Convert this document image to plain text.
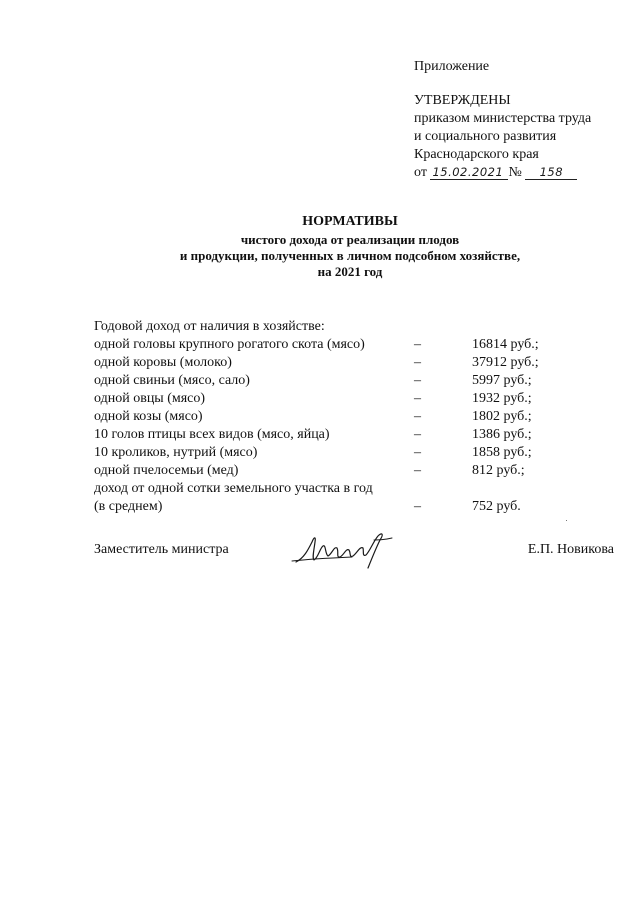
Приложение
УТВЕРЖДЕНЫ
приказом министерства труда
и социального развития
Краснодарского края
от 15.02.2021 № 158
НОРМАТИВЫ
чистого дохода от реализации плодов
и продукции, полученных в личном подсобном хозяйстве,
на 2021 год
Годовой доход от наличия в хозяйстве:
одной головы крупного рогатого скота (мясо)	–	16814 руб.;
одной коровы (молоко)	–	37912 руб.;
одной свиньи (мясо, сало)	–	5997 руб.;
одной овцы (мясо)	–	1932 руб.;
одной козы (мясо)	–	1802 руб.;
10 голов птицы всех видов (мясо, яйца)	–	1386 руб.;
10 кроликов, нутрий (мясо)	–	1858 руб.;
одной пчелосемьи (мед)	–	812 руб.;
доход от одной сотки земельного участка в год
(в среднем)	–	752 руб.
Заместитель министра	Е.П. Новикова
